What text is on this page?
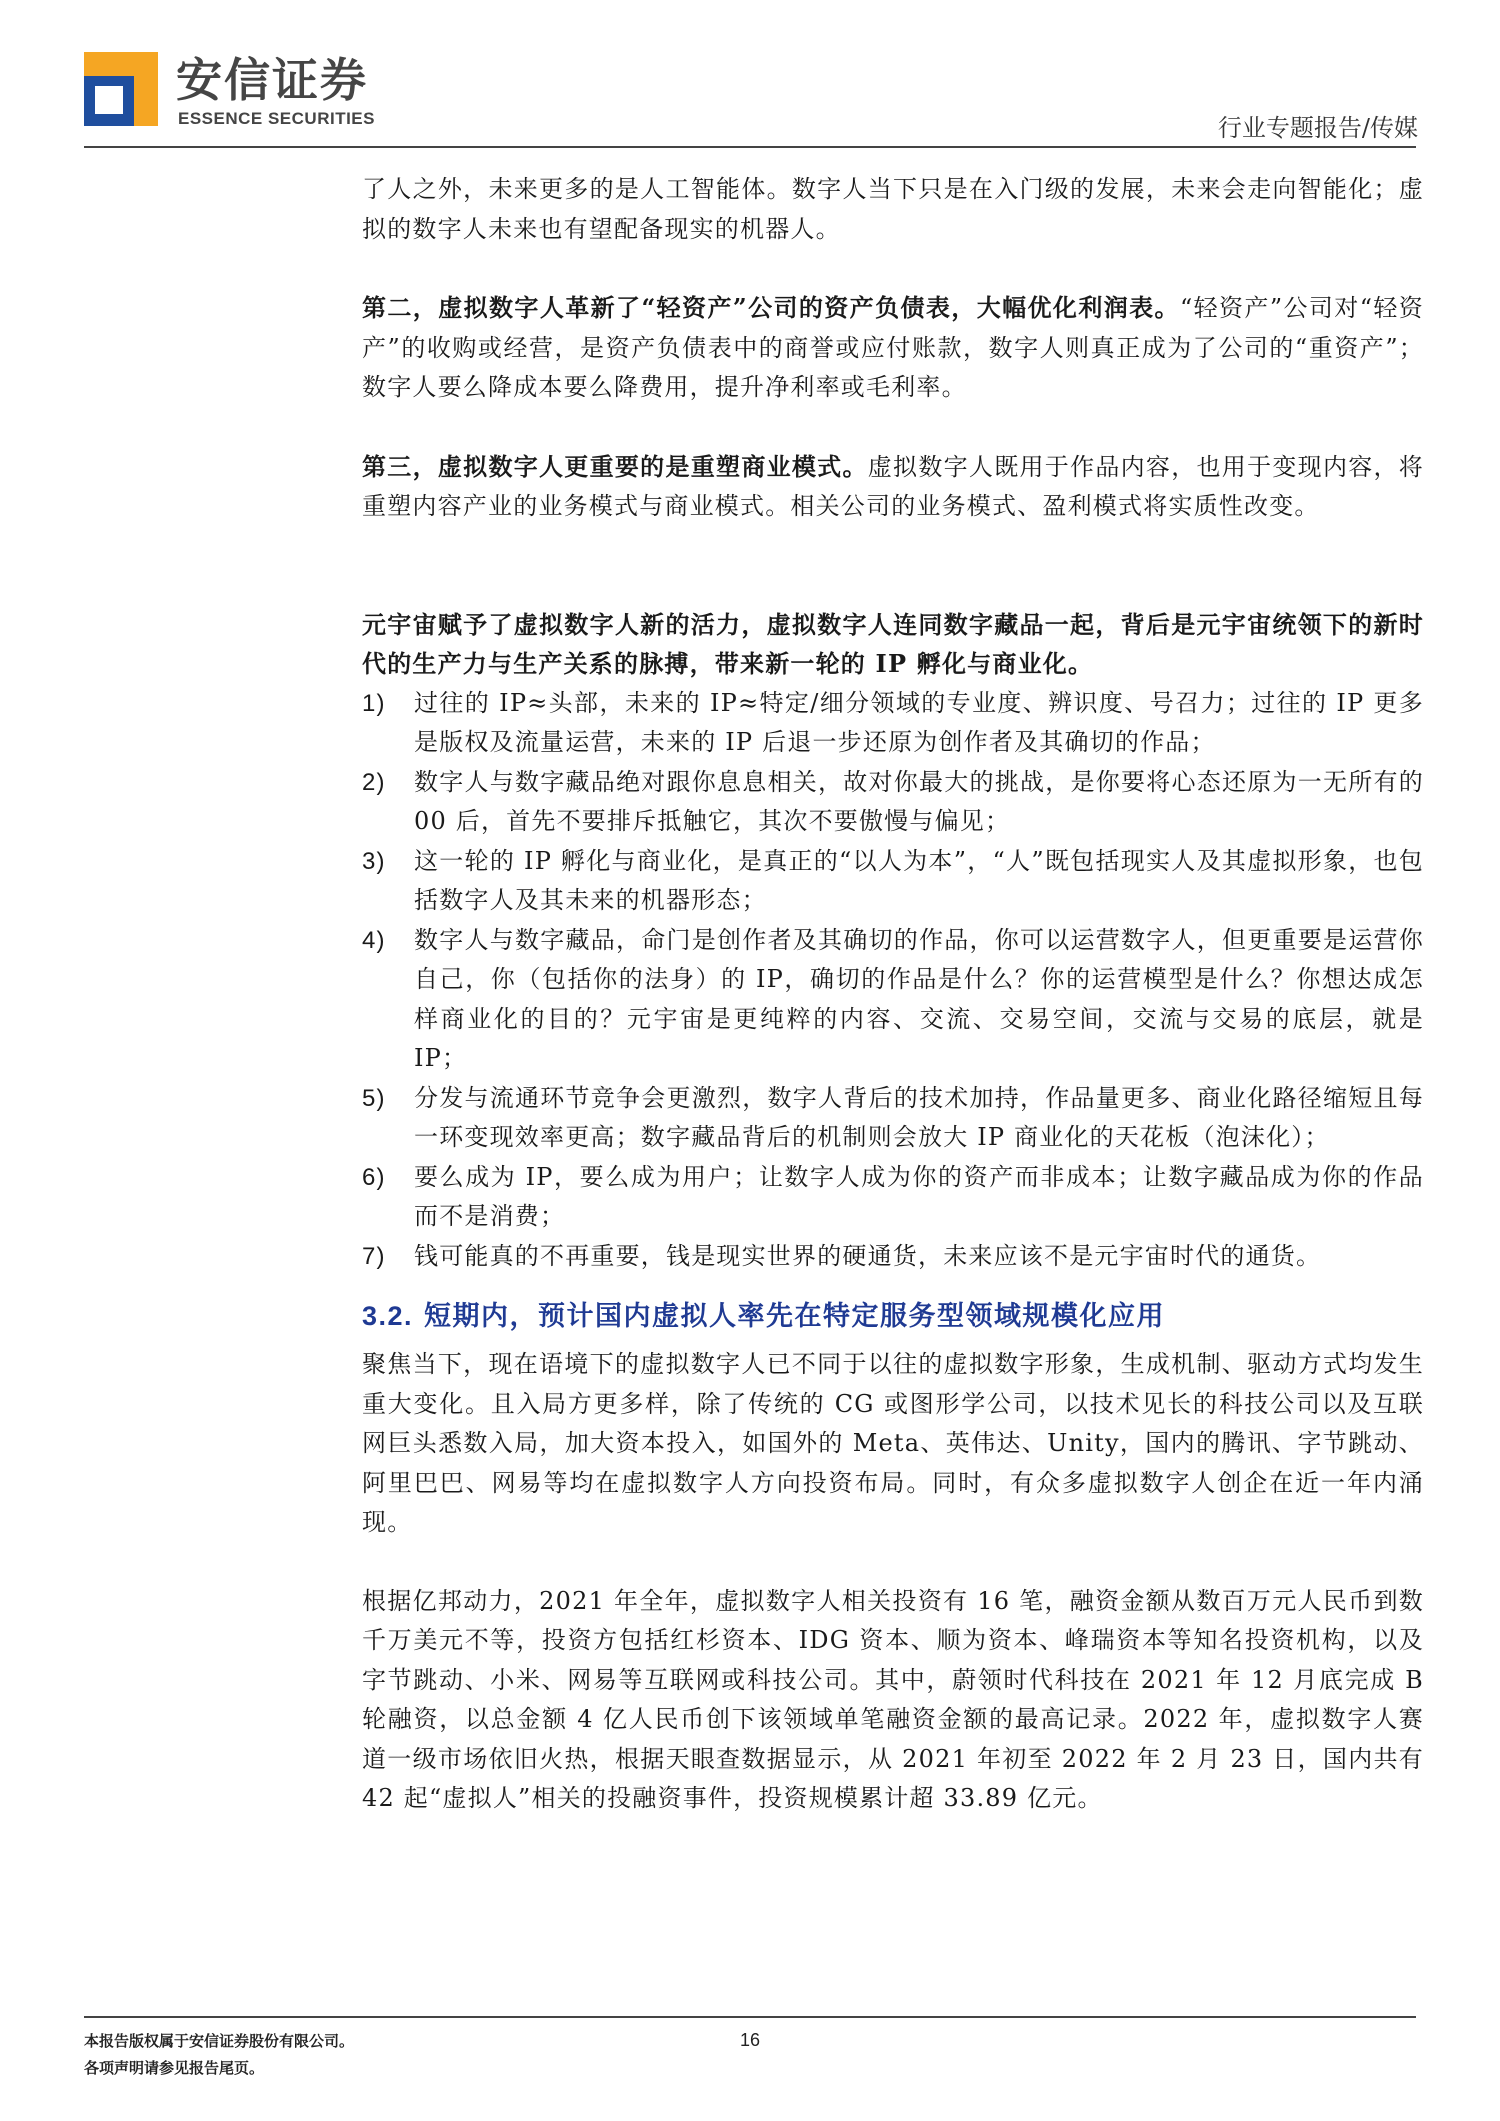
安信证券
ESSENCE SECURITIES	行业专题报告/传媒

了人之外，未来更多的是人工智能体。数字人当下只是在入门级的发展，未来会走向智能化；虚拟的数字人未来也有望配备现实的机器人。

第二，虚拟数字人革新了“轻资产”公司的资产负债表，大幅优化利润表。“轻资产”公司对“轻资产”的收购或经营，是资产负债表中的商誉或应付账款，数字人则真正成为了公司的“重资产”；数字人要么降成本要么降费用，提升净利率或毛利率。

第三，虚拟数字人更重要的是重塑商业模式。虚拟数字人既用于作品内容，也用于变现内容，将重塑内容产业的业务模式与商业模式。相关公司的业务模式、盈利模式将实质性改变。

元宇宙赋予了虚拟数字人新的活力，虚拟数字人连同数字藏品一起，背后是元宇宙统领下的新时代的生产力与生产关系的脉搏，带来新一轮的 IP 孵化与商业化。

1) 过往的 IP≈头部，未来的 IP≈特定/细分领域的专业度、辨识度、号召力；过往的 IP 更多是版权及流量运营，未来的 IP 后退一步还原为创作者及其确切的作品；
2) 数字人与数字藏品绝对跟你息息相关，故对你最大的挑战，是你要将心态还原为一无所有的 00 后，首先不要排斥抵触它，其次不要傲慢与偏见；
3) 这一轮的 IP 孵化与商业化，是真正的“以人为本”，“人”既包括现实人及其虚拟形象，也包括数字人及其未来的机器形态；
4) 数字人与数字藏品，命门是创作者及其确切的作品，你可以运营数字人，但更重要是运营你自己，你（包括你的法身）的 IP，确切的作品是什么？你的运营模型是什么？你想达成怎样商业化的目的？元宇宙是更纯粹的内容、交流、交易空间，交流与交易的底层，就是 IP；
5) 分发与流通环节竞争会更激烈，数字人背后的技术加持，作品量更多、商业化路径缩短且每一环变现效率更高；数字藏品背后的机制则会放大 IP 商业化的天花板（泡沫化）；
6) 要么成为 IP，要么成为用户；让数字人成为你的资产而非成本；让数字藏品成为你的作品而不是消费；
7) 钱可能真的不再重要，钱是现实世界的硬通货，未来应该不是元宇宙时代的通货。
3.2. 短期内，预计国内虚拟人率先在特定服务型领域规模化应用

聚焦当下，现在语境下的虚拟数字人已不同于以往的虚拟数字形象，生成机制、驱动方式均发生重大变化。且入局方更多样，除了传统的 CG 或图形学公司，以技术见长的科技公司以及互联网巨头悉数入局，加大资本投入，如国外的 Meta、英伟达、Unity，国内的腾讯、字节跳动、阿里巴巴、网易等均在虚拟数字人方向投资布局。同时，有众多虚拟数字人创企在近一年内涌现。

根据亿邦动力，2021 年全年，虚拟数字人相关投资有 16 笔，融资金额从数百万元人民币到数千万美元不等，投资方包括红杉资本、IDG 资本、顺为资本、峰瑞资本等知名投资机构，以及字节跳动、小米、网易等互联网或科技公司。其中，蔚领时代科技在 2021 年 12 月底完成 B 轮融资，以总金额 4 亿人民币创下该领域单笔融资金额的最高记录。2022 年，虚拟数字人赛道一级市场依旧火热，根据天眼查数据显示，从 2021 年初至 2022 年 2 月 23 日，国内共有 42 起“虚拟人”相关的投融资事件，投资规模累计超 33.89 亿元。

本报告版权属于安信证券股份有限公司。
各项声明请参见报告尾页。
16
